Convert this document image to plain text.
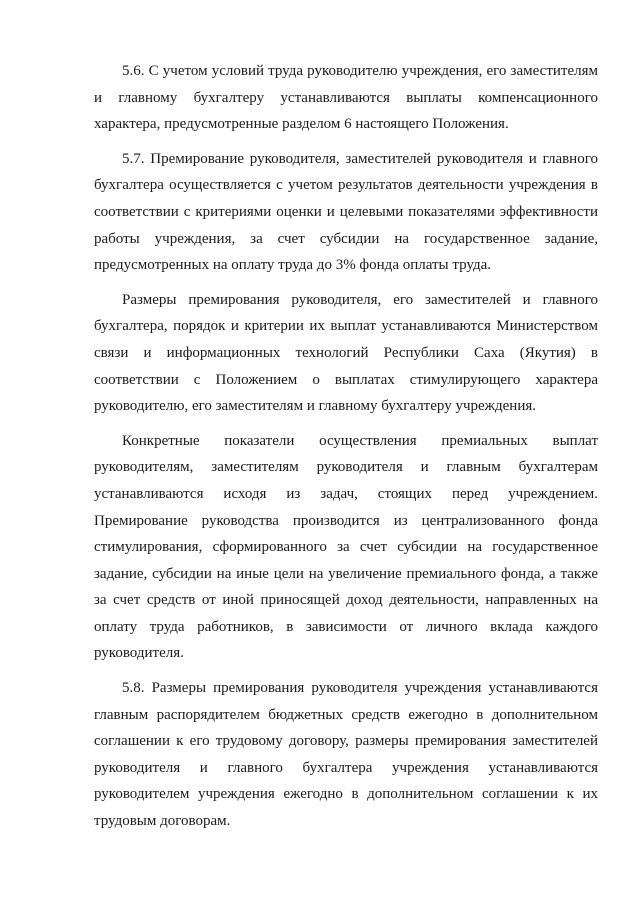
5.6. С учетом условий труда руководителю учреждения, его заместителям и главному бухгалтеру устанавливаются выплаты компенсационного характера, предусмотренные разделом 6 настоящего Положения.

5.7. Премирование руководителя, заместителей руководителя и главного бухгалтера осуществляется с учетом результатов деятельности учреждения в соответствии с критериями оценки и целевыми показателями эффективности работы учреждения, за счет субсидии на государственное задание, предусмотренных на оплату труда до 3% фонда оплаты труда.

Размеры премирования руководителя, его заместителей и главного бухгалтера, порядок и критерии их выплат устанавливаются Министерством связи и информационных технологий Республики Саха (Якутия) в соответствии с Положением о выплатах стимулирующего характера руководителю, его заместителям и главному бухгалтеру учреждения.

Конкретные показатели осуществления премиальных выплат руководителям, заместителям руководителя и главным бухгалтерам устанавливаются исходя из задач, стоящих перед учреждением. Премирование руководства производится из централизованного фонда стимулирования, сформированного за счет субсидии на государственное задание, субсидии на иные цели на увеличение премиального фонда, а также за счет средств от иной приносящей доход деятельности, направленных на оплату труда работников, в зависимости от личного вклада каждого руководителя.

5.8. Размеры премирования руководителя учреждения устанавливаются главным распорядителем бюджетных средств ежегодно в дополнительном соглашении к его трудовому договору, размеры премирования заместителей руководителя и главного бухгалтера учреждения устанавливаются руководителем учреждения ежегодно в дополнительном соглашении к их трудовым договорам.
